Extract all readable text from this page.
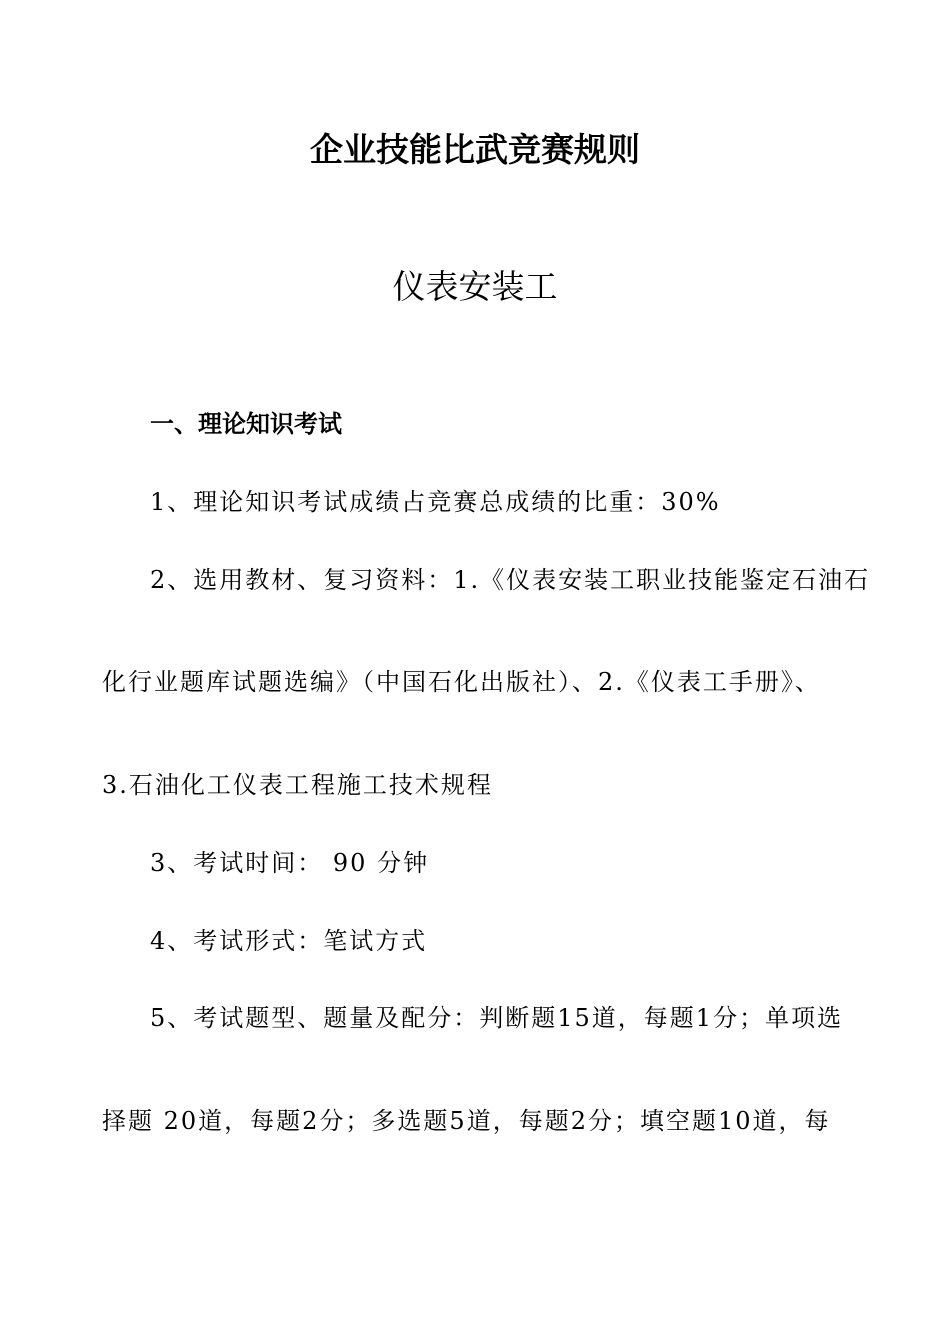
企业技能比武竞赛规则
仪表安装工
一、理论知识考试
1、理论知识考试成绩占竞赛总成绩的比重：30%
2、选用教材、复习资料：1.《仪表安装工职业技能鉴定石油石
化行业题库试题选编》（中国石化出版社）、2.《仪表工手册》、
3.石油化工仪表工程施工技术规程
3、考试时间： 90 分钟
4、考试形式：笔试方式
5、考试题型、题量及配分：判断题15道，每题1分；单项选
择题 20道，每题2分；多选题5道，每题2分；填空题10道，每
